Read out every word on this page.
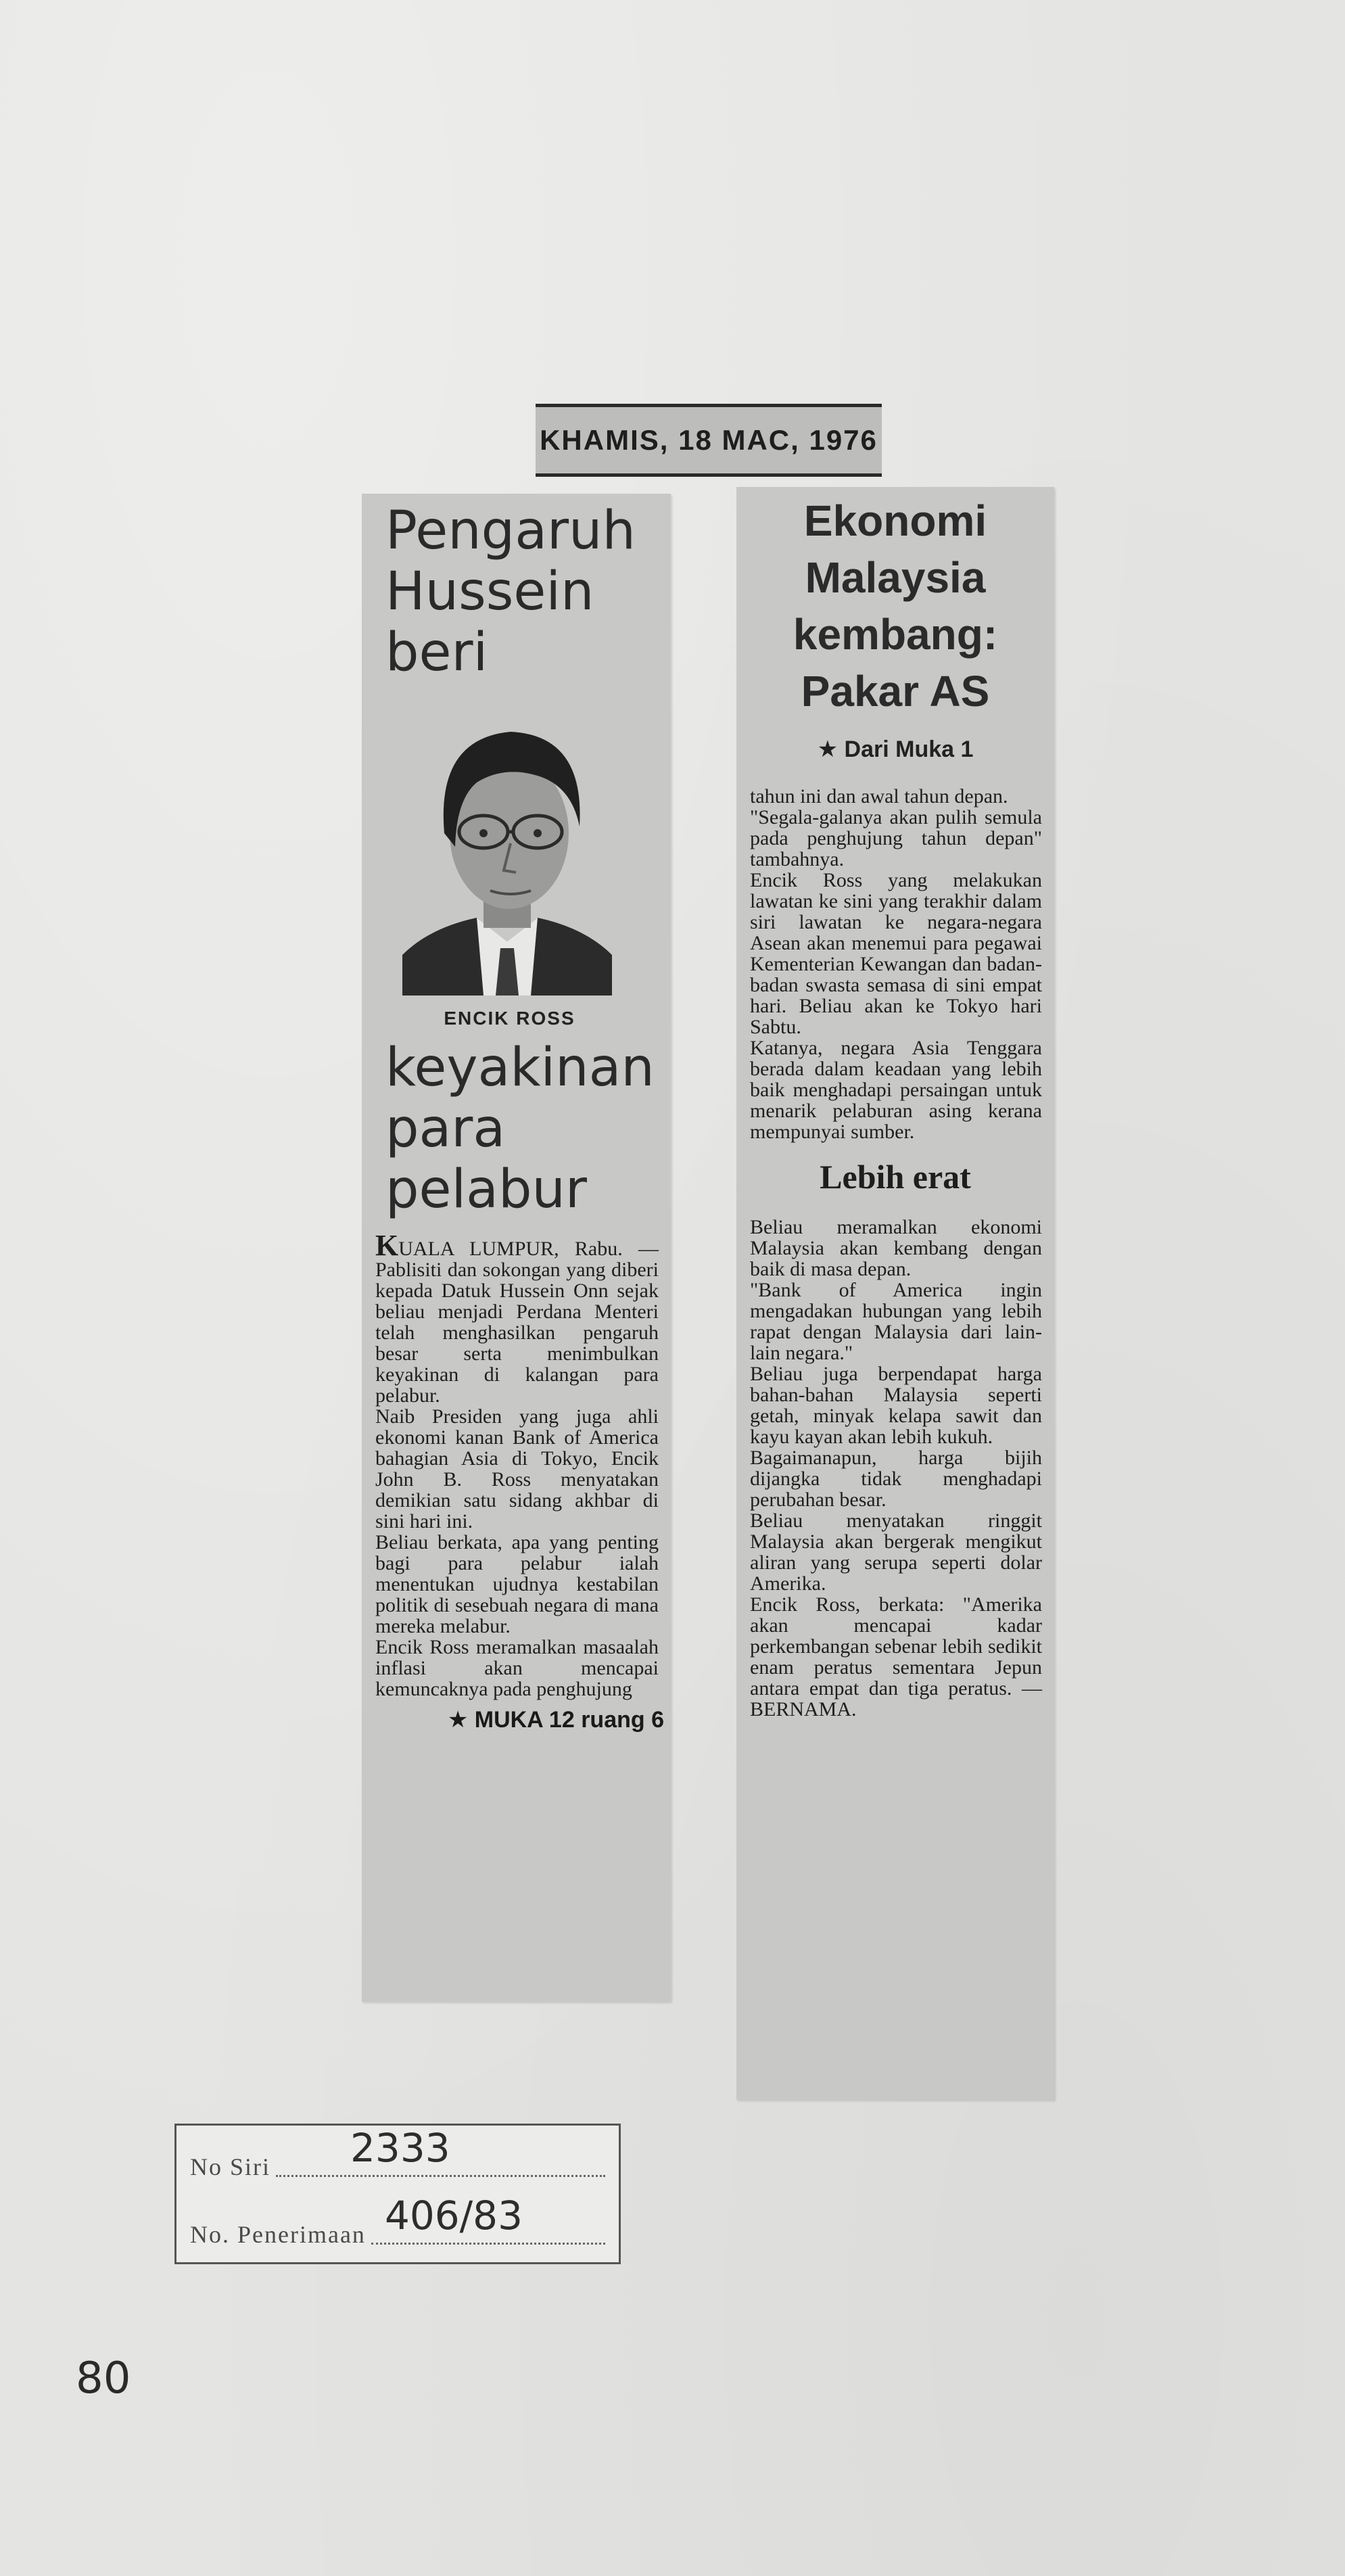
KHAMIS, 18 MAC, 1976
Pengaruh
Hussein
beri
ENCIK ROSS
keyakinan
para
pelabur

KUALA LUMPUR, Rabu. — Pablisiti dan sokongan yang diberi kepada Datuk Hussein Onn sejak beliau menjadi Perdana Menteri telah menghasilkan pengaruh besar serta menimbulkan keyakinan di kalangan para pelabur.

Naib Presiden yang juga ahli ekonomi kanan Bank of America bahagian Asia di Tokyo, Encik John B. Ross menyatakan demikian satu sidang akhbar di sini hari ini.

Beliau berkata, apa yang penting bagi para pelabur ialah menentukan ujudnya kestabilan politik di sesebuah negara di mana mereka melabur.

Encik Ross meramalkan masaalah inflasi akan mencapai kemuncaknya pada penghujung

★ MUKA 12 ruang 6
Ekonomi
Malaysia
kembang:
Pakar AS
★ Dari Muka 1

tahun ini dan awal tahun depan.

"Segala-galanya akan pulih semula pada penghujung tahun depan" tambahnya.

Encik Ross yang melakukan lawatan ke sini yang terakhir dalam siri lawatan ke negara-negara Asean akan menemui para pegawai Kementerian Kewangan dan badan-badan swasta semasa di sini empat hari. Beliau akan ke Tokyo hari Sabtu.

Katanya, negara Asia Tenggara berada dalam keadaan yang lebih baik menghadapi persaingan untuk menarik pelaburan asing kerana mempunyai sumber.

Lebih erat

Beliau meramalkan ekonomi Malaysia akan kembang dengan baik di masa depan.

"Bank of America ingin mengadakan hubungan yang lebih rapat dengan Malaysia dari lain-lain negara."

Beliau juga berpendapat harga bahan-bahan Malaysia seperti getah, minyak kelapa sawit dan kayu kayan akan lebih kukuh.

Bagaimanapun, harga bijih dijangka tidak menghadapi perubahan besar.

Beliau menyatakan ringgit Malaysia akan bergerak mengikut aliran yang serupa seperti dolar Amerika.

Encik Ross, berkata: "Amerika akan mencapai kadar perkembangan sebenar lebih sedikit enam peratus sementara Jepun antara empat dan tiga peratus. — BERNAMA.

No Siri 2333
No. Penerimaan 406/83
80
